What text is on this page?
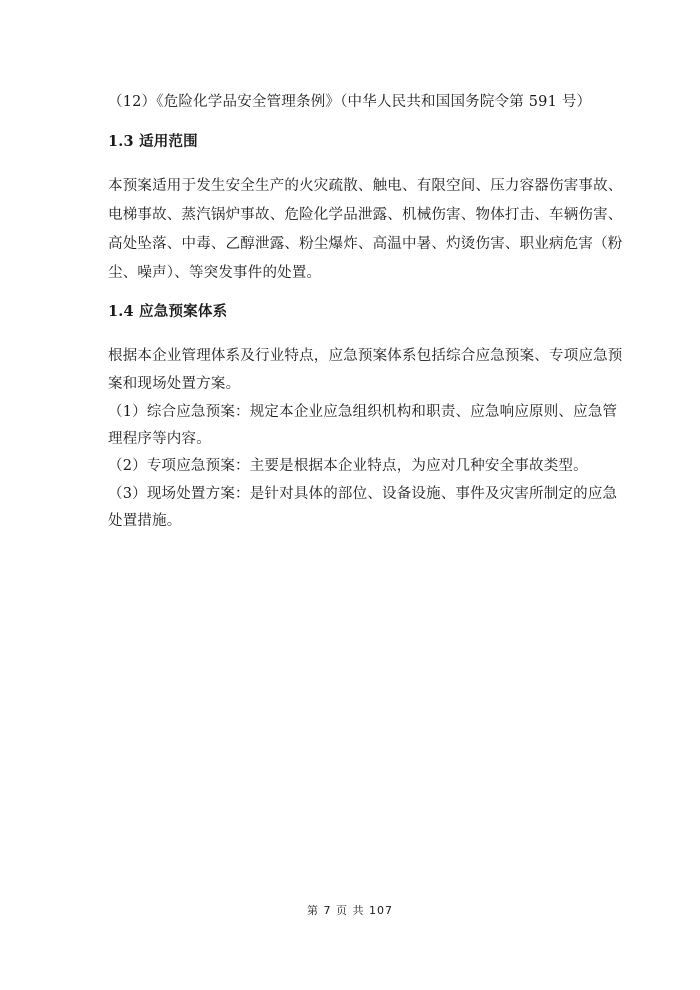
（12）《危险化学品安全管理条例》（中华人民共和国国务院令第 591 号）
1.3 适用范围
本预案适用于发生安全生产的火灾疏散、触电、有限空间、压力容器伤害事故、
电梯事故、蒸汽锅炉事故、危险化学品泄露、机械伤害、物体打击、车辆伤害、
高处坠落、中毒、乙醇泄露、粉尘爆炸、高温中暑、灼烫伤害、职业病危害（粉
尘、噪声）、等突发事件的处置。
1.4 应急预案体系
根据本企业管理体系及行业特点，应急预案体系包括综合应急预案、专项应急预
案和现场处置方案。
（1）综合应急预案：规定本企业应急组织机构和职责、应急响应原则、应急管
理程序等内容。
（2）专项应急预案：主要是根据本企业特点，为应对几种安全事故类型。
（3）现场处置方案：是针对具体的部位、设备设施、事件及灾害所制定的应急
处置措施。
第 7 页 共 107
